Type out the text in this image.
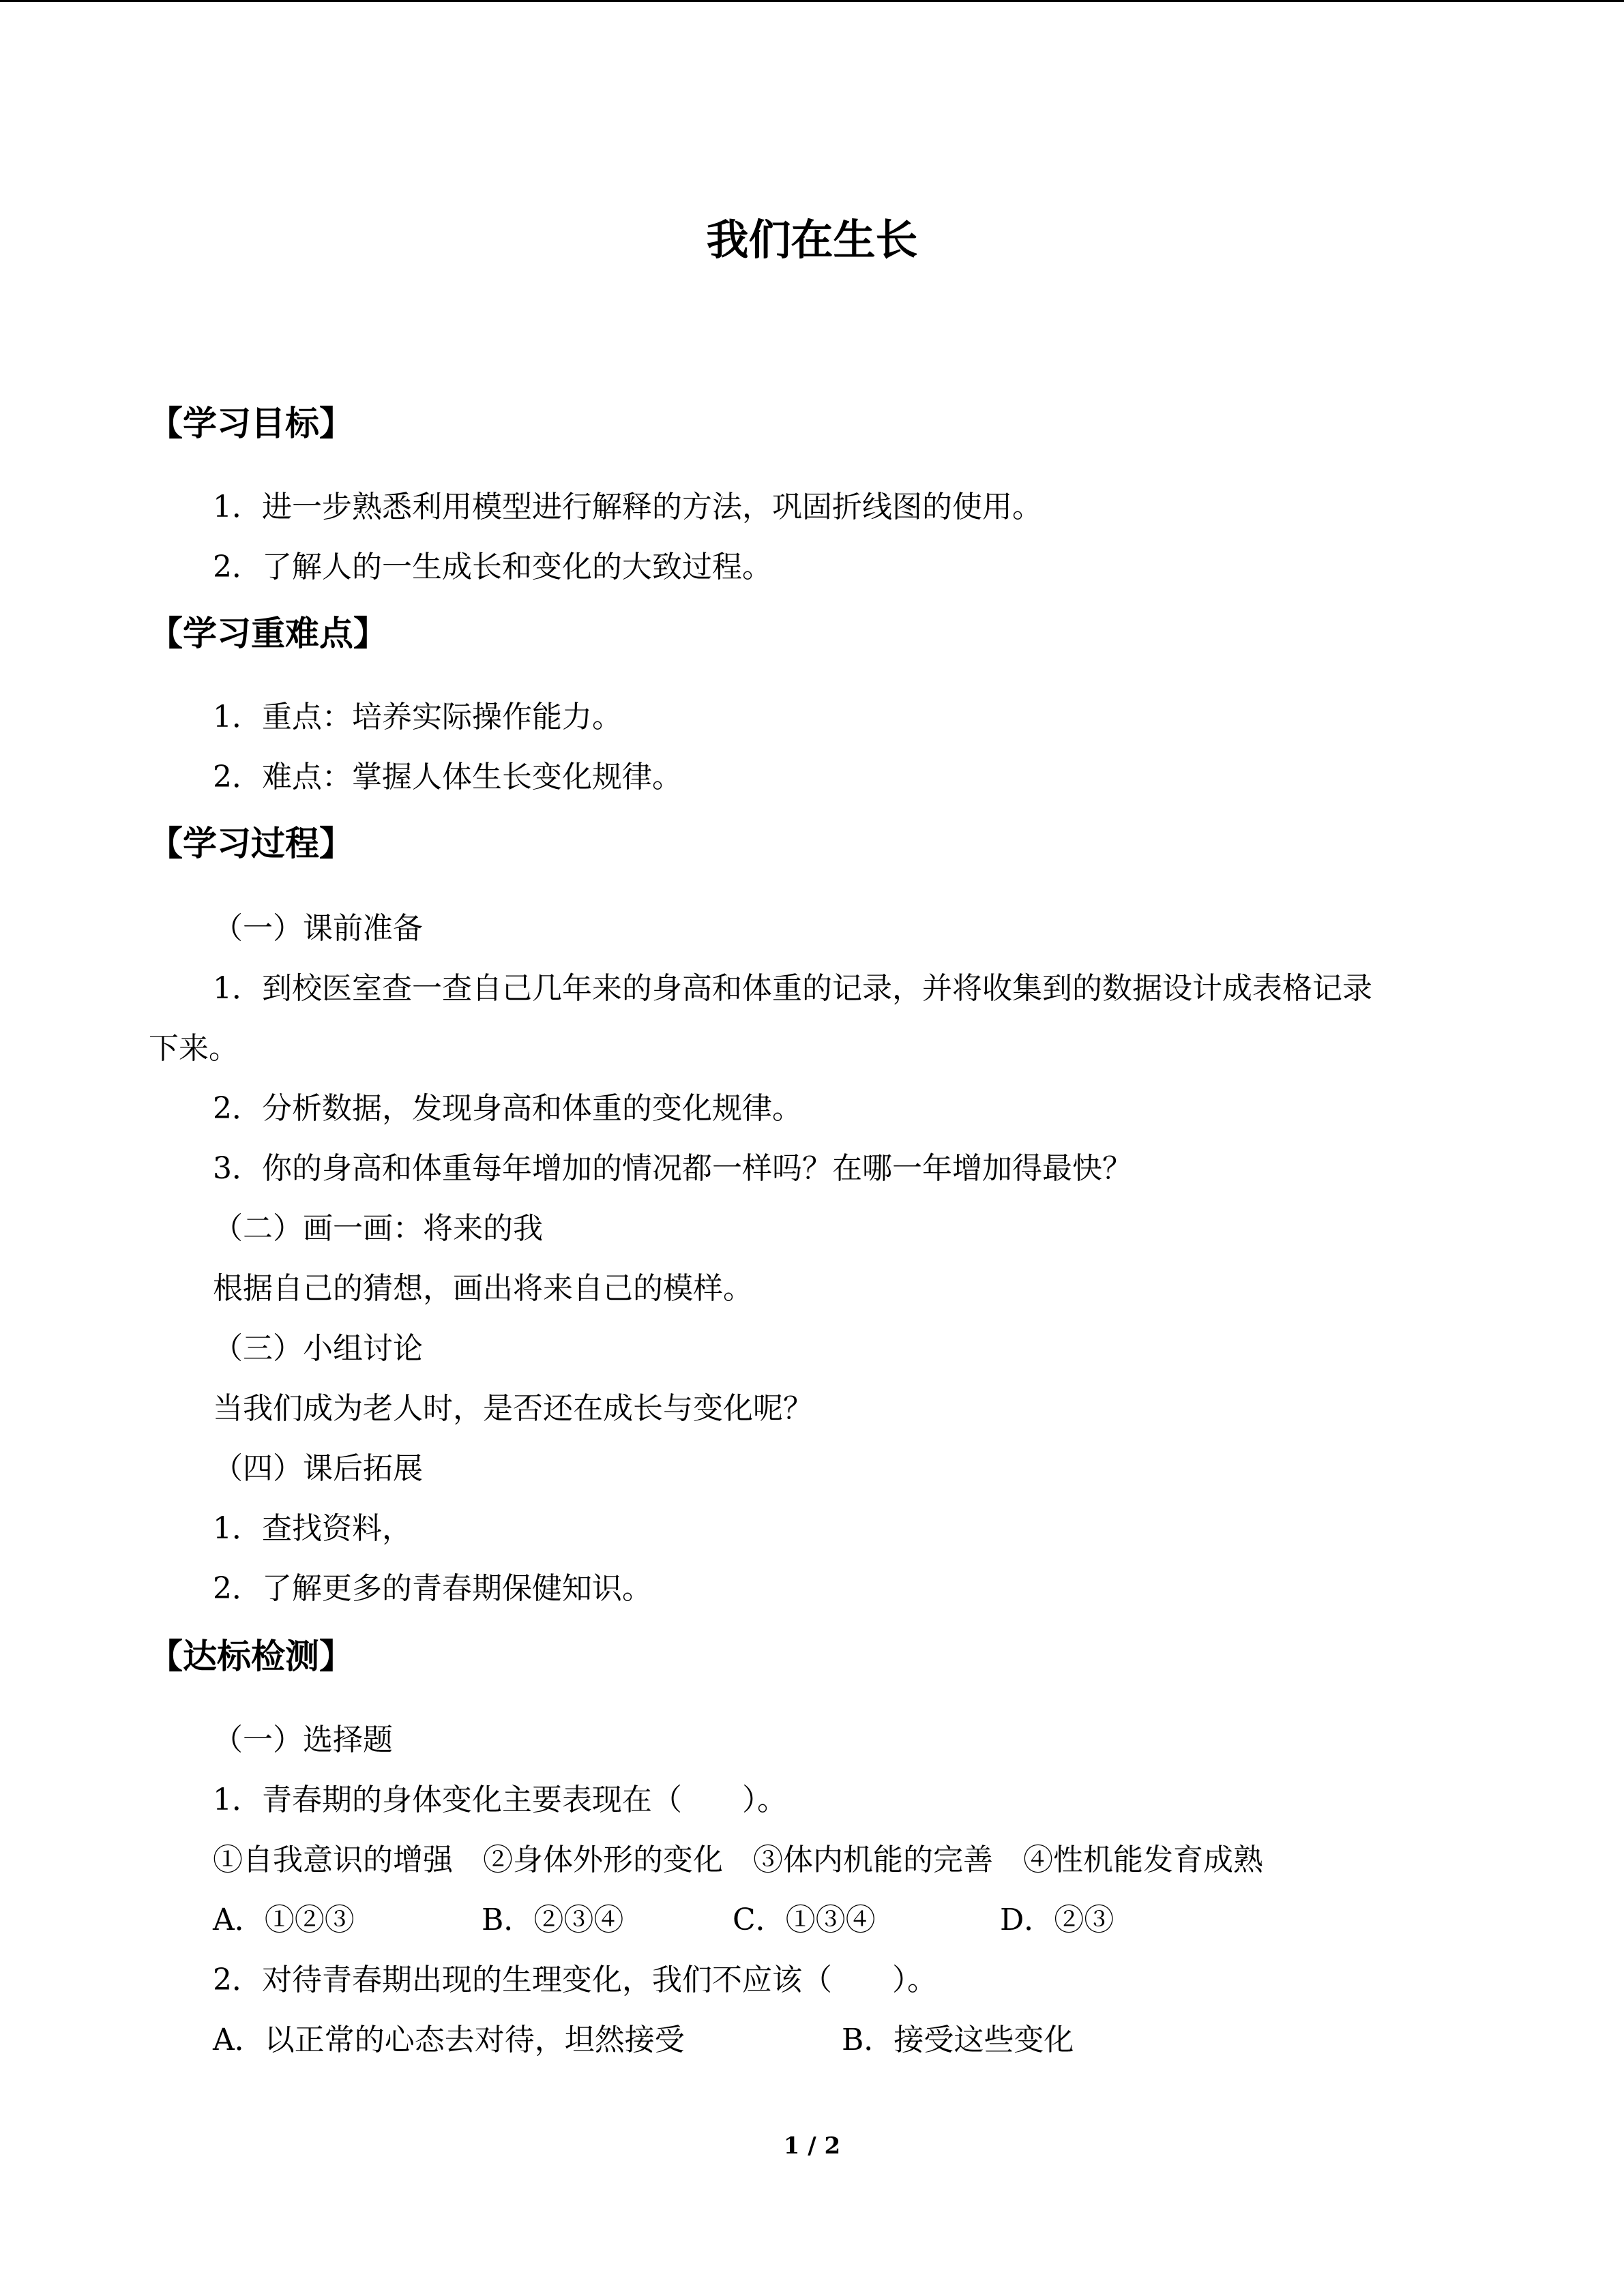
我们在生长
【学习目标】
1．进一步熟悉利用模型进行解释的方法，巩固折线图的使用。
2．了解人的一生成长和变化的大致过程。
【学习重难点】
1．重点：培养实际操作能力。
2．难点：掌握人体生长变化规律。
【学习过程】
（一）课前准备
1．到校医室查一查自己几年来的身高和体重的记录，并将收集到的数据设计成表格记录
下来。
2．分析数据，发现身高和体重的变化规律。
3．你的身高和体重每年增加的情况都一样吗？在哪一年增加得最快？
（二）画一画：将来的我
根据自己的猜想，画出将来自己的模样。
（三）小组讨论
当我们成为老人时，是否还在成长与变化呢？
（四）课后拓展
1．查找资料，
2．了解更多的青春期保健知识。
【达标检测】
（一）选择题
1．青春期的身体变化主要表现在（　　）。
①自我意识的增强　②身体外形的变化　③体内机能的完善　④性机能发育成熟
A．①②③	B．②③④	C．①③④	D．②③
2．对待青春期出现的生理变化，我们不应该（　　）。
A．以正常的心态去对待，坦然接受	B．接受这些变化
1 / 2
